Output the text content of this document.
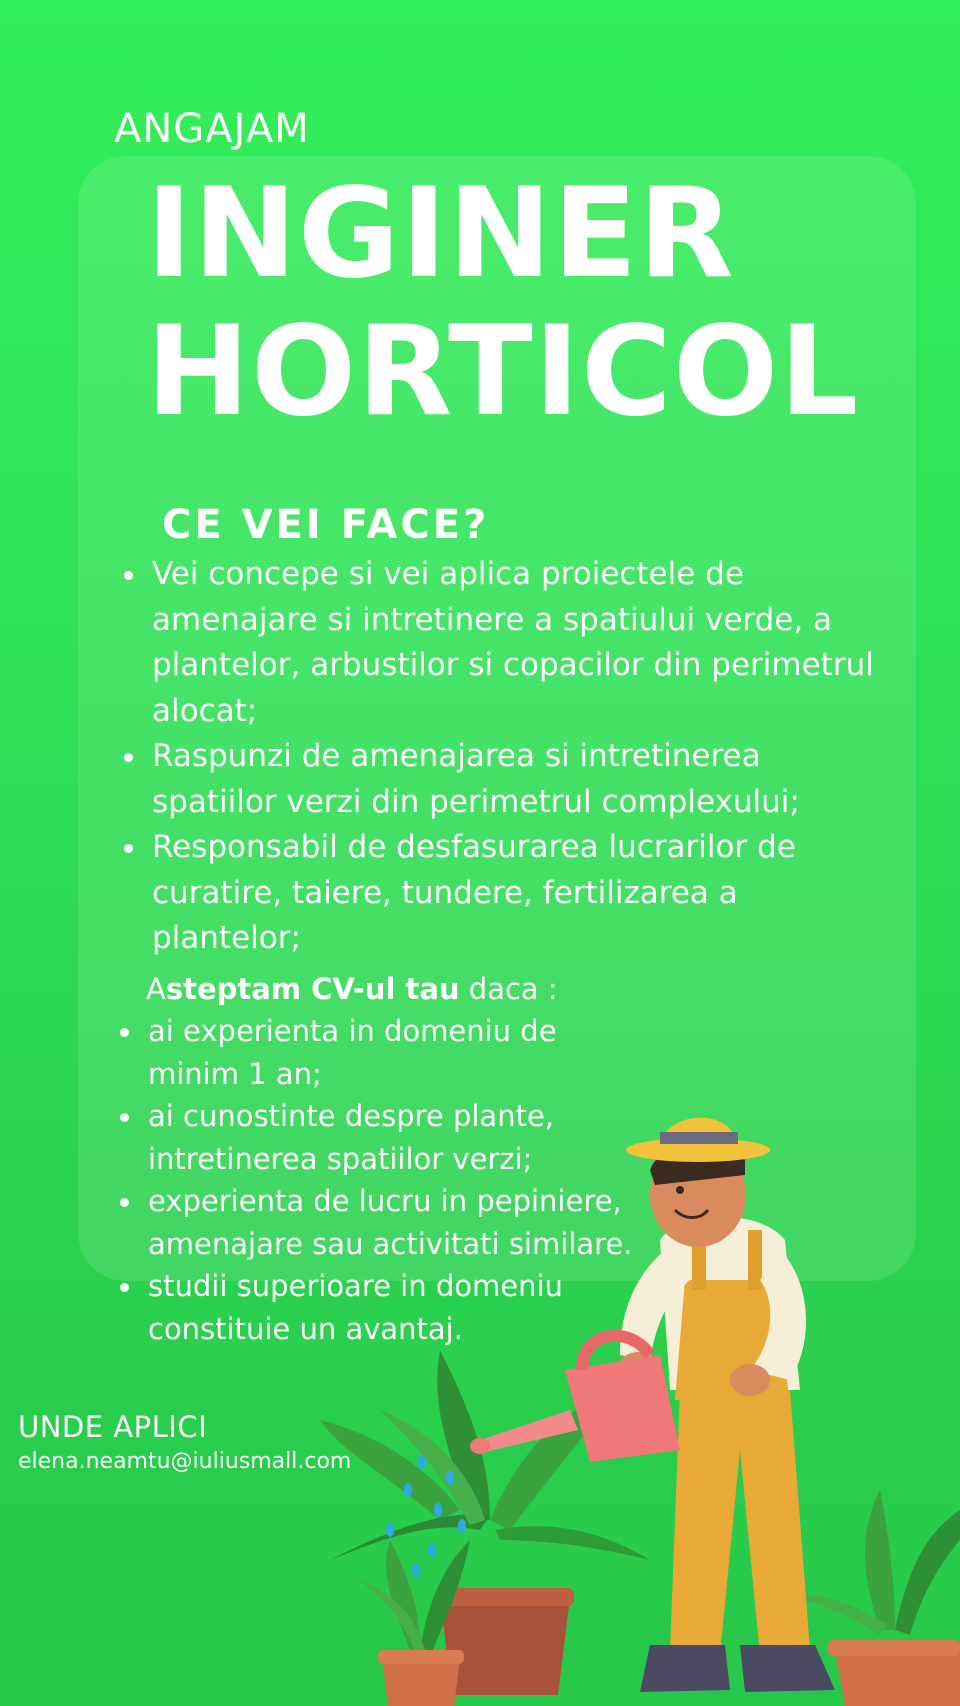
ANGAJAM
INGINER
HORTICOL
CE VEI FACE?
Vei concepe si vei aplica proiectele de amenajare si intretinere a spatiului verde, a plantelor, arbustilor si copacilor din perimetrul alocat;
Raspunzi de amenajarea si intretinerea spatiilor verzi din perimetrul complexului;
Responsabil de desfasurarea lucrarilor de curatire, taiere, tundere, fertilizarea a plantelor;
Asteptam CV-ul tau daca :
ai experienta in domeniu de minim 1 an;
ai cunostinte despre plante, intretinerea spatiilor verzi;
experienta de lucru in pepiniere, amenajare sau activitati similare.
studii superioare in domeniu constituie un avantaj.
UNDE APLICI
elena.neamtu@iuliusmall.com
